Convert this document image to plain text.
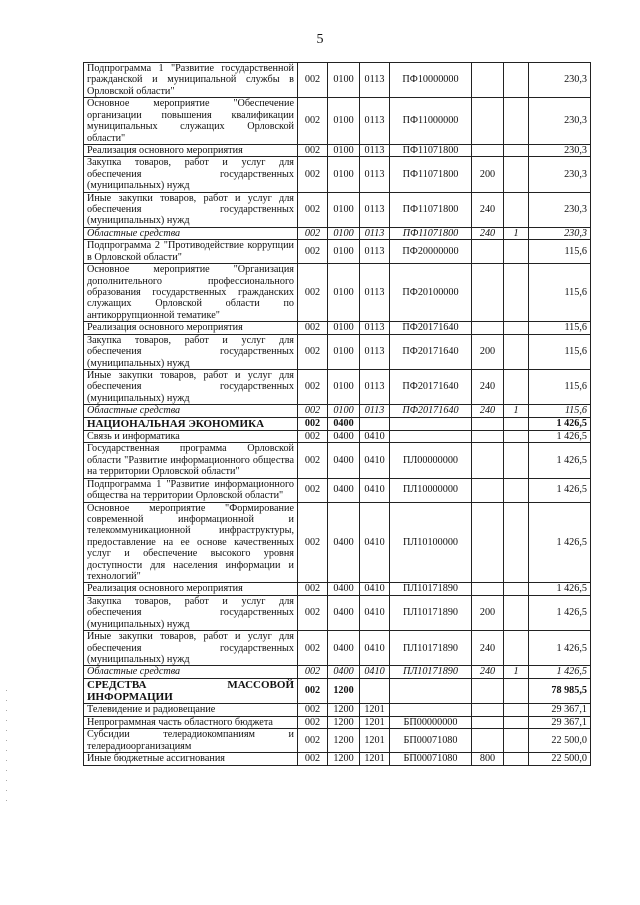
5
Подпрограмма 1 "Развитие государственной гражданской и муниципальной службы в Орловской области"	002	0100	0113	ПФ10000000			230,3
Основное мероприятие "Обеспечение организации повышения квалификации муниципальных служащих Орловской области"	002	0100	0113	ПФ11000000			230,3
Реализация основного мероприятия	002	0100	0113	ПФ11071800			230,3
Закупка товаров, работ и услуг для обеспечения государственных (муниципальных) нужд	002	0100	0113	ПФ11071800	200		230,3
Иные закупки товаров, работ и услуг для обеспечения государственных (муниципальных) нужд	002	0100	0113	ПФ11071800	240		230,3
Областные средства	002	0100	0113	ПФ11071800	240	1	230,3
Подпрограмма 2 "Противодействие коррупции в Орловской области"	002	0100	0113	ПФ20000000			115,6
Основное мероприятие "Организация дополнительного профессионального образования государственных гражданских служащих Орловской области по антикоррупционной тематике"	002	0100	0113	ПФ20100000			115,6
Реализация основного мероприятия	002	0100	0113	ПФ20171640			115,6
Закупка товаров, работ и услуг для обеспечения государственных (муниципальных) нужд	002	0100	0113	ПФ20171640	200		115,6
Иные закупки товаров, работ и услуг для обеспечения государственных (муниципальных) нужд	002	0100	0113	ПФ20171640	240		115,6
Областные средства	002	0100	0113	ПФ20171640	240	1	115,6
НАЦИОНАЛЬНАЯ ЭКОНОМИКА	002	0400					1 426,5
Связь и информатика	002	0400	0410				1 426,5
Государственная программа Орловской области "Развитие информационного общества на территории Орловской области"	002	0400	0410	ПЛ00000000			1 426,5
Подпрограмма 1 "Развитие информационного общества на территории Орловской области"	002	0400	0410	ПЛ10000000			1 426,5
Основное мероприятие "Формирование современной информационной и телекоммуникационной инфраструктуры, предоставление на ее основе качественных услуг и обеспечение высокого уровня доступности для населения информации и технологий"	002	0400	0410	ПЛ10100000			1 426,5
Реализация основного мероприятия	002	0400	0410	ПЛ10171890			1 426,5
Закупка товаров, работ и услуг для обеспечения государственных (муниципальных) нужд	002	0400	0410	ПЛ10171890	200		1 426,5
Иные закупки товаров, работ и услуг для обеспечения государственных (муниципальных) нужд	002	0400	0410	ПЛ10171890	240		1 426,5
Областные средства	002	0400	0410	ПЛ10171890	240	1	1 426,5
СРЕДСТВА МАССОВОЙ ИНФОРМАЦИИ	002	1200					78 985,5
Телевидение и радиовещание	002	1200	1201				29 367,1
Непрограммная часть областного бюджета	002	1200	1201	БП00000000			29 367,1
Субсидии телерадиокомпаниям и телерадиоорганизациям	002	1200	1201	БП00071080			22 500,0
Иные бюджетные ассигнования	002	1200	1201	БП00071080	800		22 500,0
